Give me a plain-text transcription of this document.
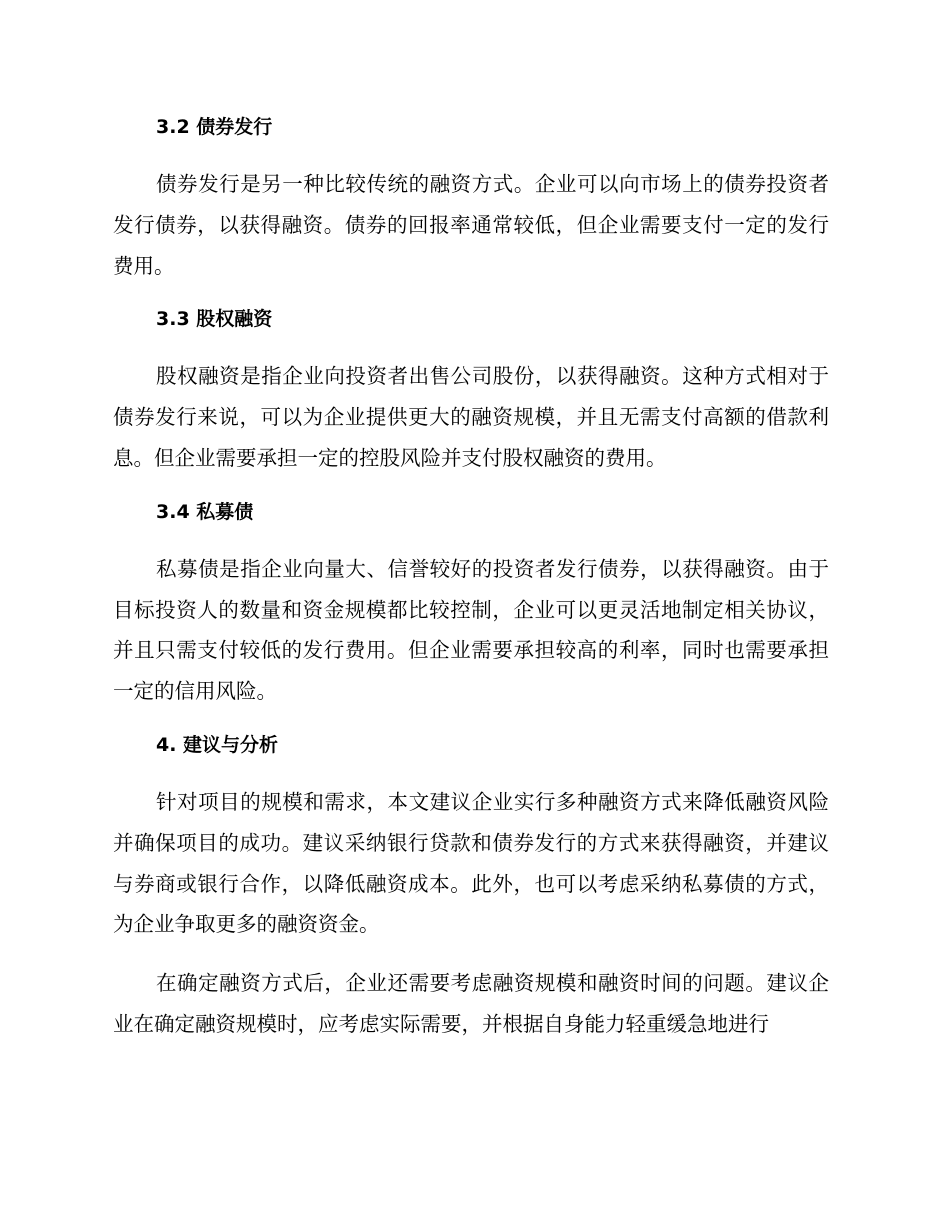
3.2 债券发行

债券发行是另一种比较传统的融资方式。企业可以向市场上的债券投资者发行债券，以获得融资。债券的回报率通常较低，但企业需要支付一定的发行费用。

3.3 股权融资

股权融资是指企业向投资者出售公司股份，以获得融资。这种方式相对于债券发行来说，可以为企业提供更大的融资规模，并且无需支付高额的借款利息。但企业需要承担一定的控股风险并支付股权融资的费用。

3.4 私募债

私募债是指企业向量大、信誉较好的投资者发行债券，以获得融资。由于目标投资人的数量和资金规模都比较控制，企业可以更灵活地制定相关协议，并且只需支付较低的发行费用。但企业需要承担较高的利率，同时也需要承担一定的信用风险。

4. 建议与分析

针对项目的规模和需求，本文建议企业实行多种融资方式来降低融资风险并确保项目的成功。建议采纳银行贷款和债券发行的方式来获得融资，并建议与券商或银行合作，以降低融资成本。此外，也可以考虑采纳私募债的方式，为企业争取更多的融资资金。

在确定融资方式后，企业还需要考虑融资规模和融资时间的问题。建议企业在确定融资规模时，应考虑实际需要，并根据自身能力轻重缓急地进行
